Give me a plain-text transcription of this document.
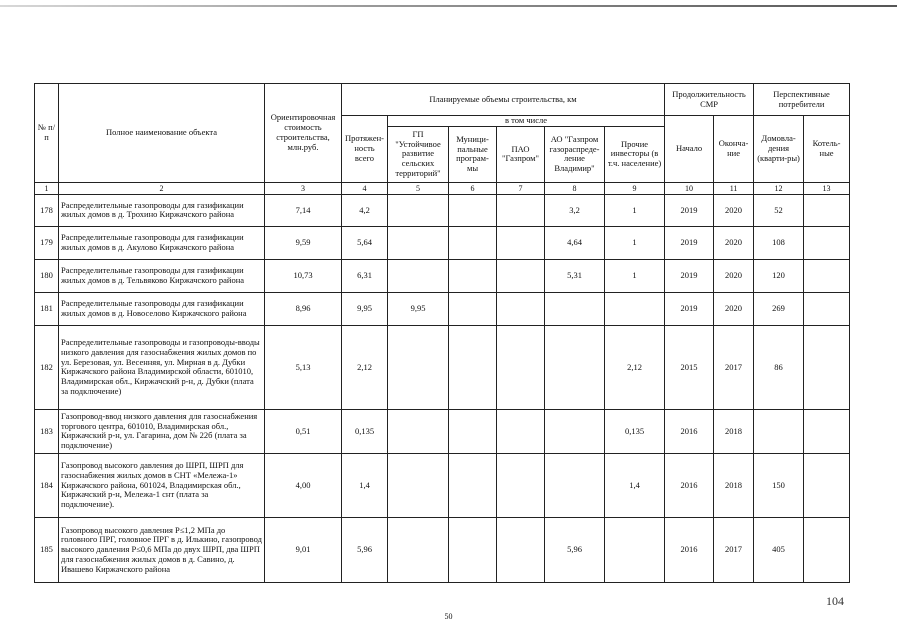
№ п/п	Полное наименование объекта	Ориентировочная стоимость строительства, млн.руб.	Планируемые объемы строительства, км						Продолжительность СМР		Перспективные потребители	
			Протяжен-ность всего	в том числе					Начало	Оконча-ние	Домовла-дения (кварти-ры)	Котель-ные
				ГП "Устойчивое развитие сельских территорий"	Муници-пальные програм-мы	ПАО "Газпром"	АО "Газпром газораспреде-ление Владимир"	Прочие инвесторы (в т.ч. население)				
1	2	3	4	5	6	7	8	9	10	11	12	13
178	Распределительные газопроводы для газификации жилых домов в д. Трохино Киржачского района	7,14	4,2				3,2	1	2019	2020	52	
179	Распределительные газопроводы для газификации жилых домов в д. Акулово Киржачского района	9,59	5,64				4,64	1	2019	2020	108	
180	Распределительные газопроводы для газификации жилых домов в д. Тельвяково Киржачского района	10,73	6,31				5,31	1	2019	2020	120	
181	Распределительные газопроводы для газификации жилых домов в д. Новоселово Киржачского района	8,96	9,95	9,95					2019	2020	269	
182	Распределительные газопроводы и газопроводы-вводы низкого давления для газоснабжения жилых домов по ул. Березовая, ул. Весенняя, ул. Мирная в д. Дубки Киржачского района Владимирской области, 601010, Владимирская обл., Киржачский р-н, д. Дубки (плата за подключение)	5,13	2,12					2,12	2015	2017	86	
183	Газопровод-ввод низкого давления для газоснабжения торгового центра, 601010, Владимирская обл., Киржачский р-н, ул. Гагарина, дом № 22б (плата за подключение)	0,51	0,135					0,135	2016	2018		
184	Газопровод высокого давления до ШРП, ШРП для газоснабжения жилых домов в СНТ «Мележа-1» Киржачского района, 601024, Владимирская обл., Киржачский р-н, Мележа-1 снт (плата за подключение).	4,00	1,4					1,4	2016	2018	150	
185	Газопровод высокого давления Р≤1,2 МПа до головного ПРГ, головное ПРГ в д. Илькино, газопровод высокого давления Р≤0,6 МПа до двух ШРП, два ШРП для газоснабжения жилых домов в д. Савино, д. Ивашево Киржачского района	9,01	5,96				5,96		2016	2017	405	
104
50
